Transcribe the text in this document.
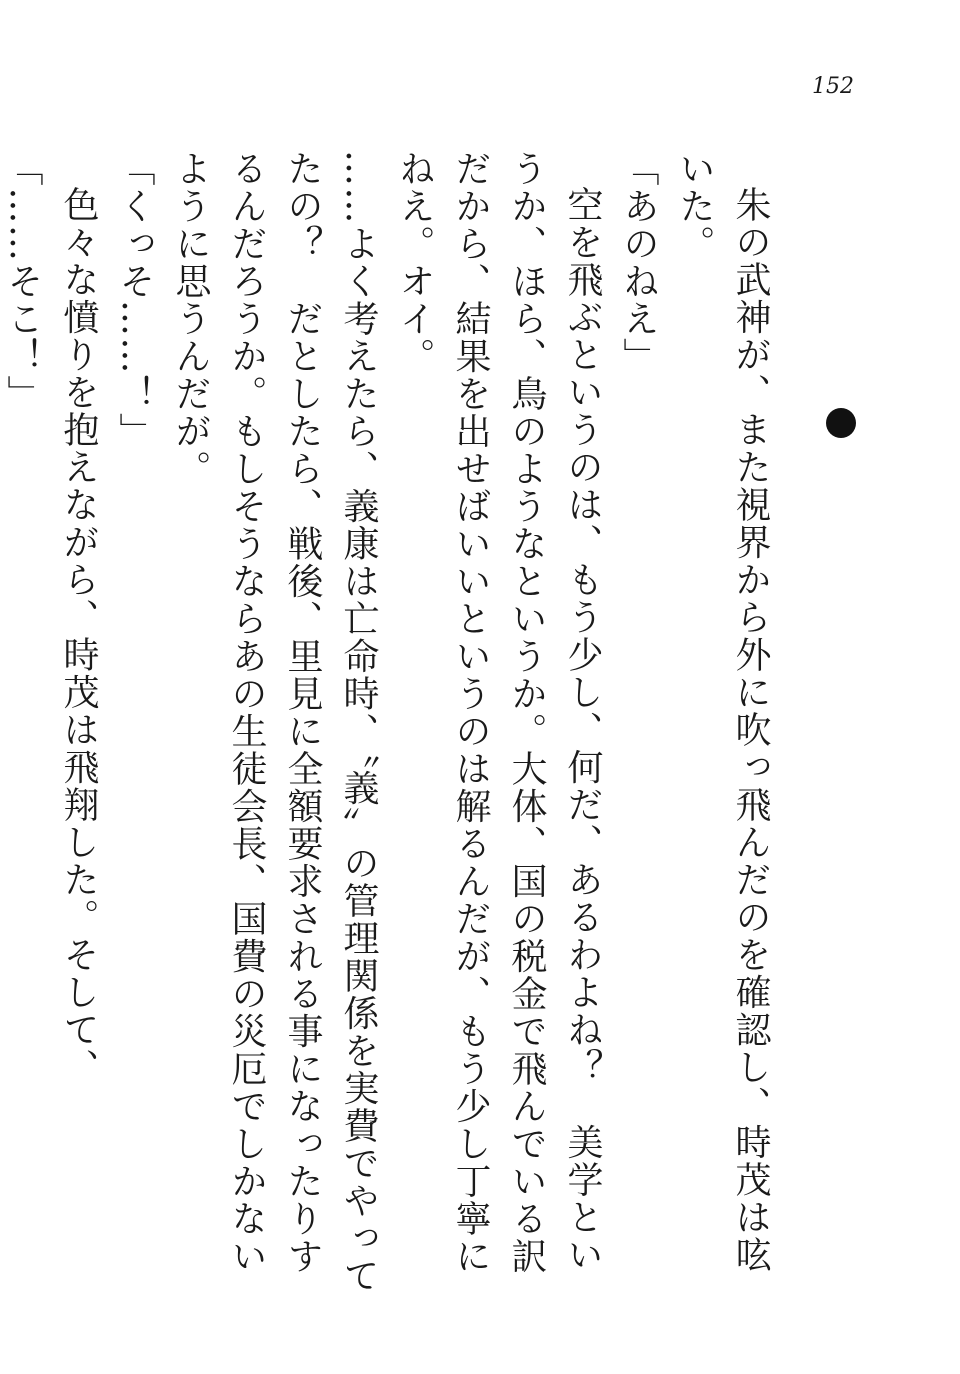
152

朱の武神が、また視界から外に吹っ飛んだのを確認し、時茂は呟いた。

「あのねえ」

空を飛ぶというのは、もう少し、何だ、あるわよね？　美学というか、ほら、鳥のようなというか。大体、国の税金で飛んでいる訳だから、結果を出せばいいというのは解るんだが、もう少し丁寧にねえ。オイ。

……よく考えたら、義康は亡命時、〝義〟の管理関係を実費でやってたの？　だとしたら、戦後、里見に全額要求される事になったりするんだろうか。もしそうならあの生徒会長、国費の災厄でしかないように思うんだが。

「くっそ……！」

色々な憤りを抱えながら、時茂は飛翔した。そして、

「……そこ！」
